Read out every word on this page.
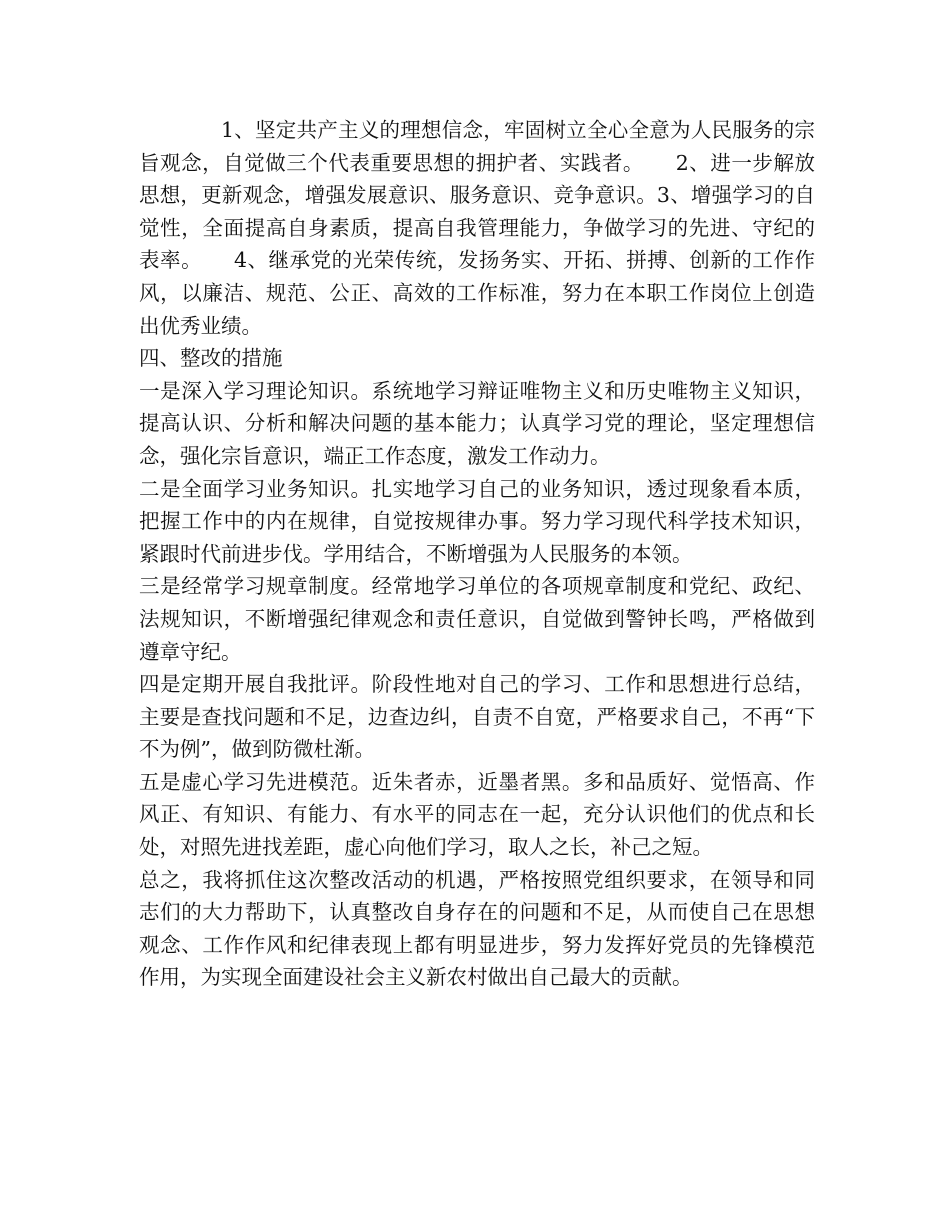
1、坚定共产主义的理想信念，牢固树立全心全意为人民服务的宗旨观念，自觉做三个代表重要思想的拥护者、实践者。　　2、进一步解放思想，更新观念，增强发展意识、服务意识、竞争意识。3、增强学习的自觉性，全面提高自身素质，提高自我管理能力，争做学习的先进、守纪的表率。　　4、继承党的光荣传统，发扬务实、开拓、拼搏、创新的工作作风，以廉洁、规范、公正、高效的工作标准，努力在本职工作岗位上创造出优秀业绩。

四、整改的措施

一是深入学习理论知识。系统地学习辩证唯物主义和历史唯物主义知识，提高认识、分析和解决问题的基本能力；认真学习党的理论，坚定理想信念，强化宗旨意识，端正工作态度，激发工作动力。

二是全面学习业务知识。扎实地学习自己的业务知识，透过现象看本质，把握工作中的内在规律，自觉按规律办事。努力学习现代科学技术知识，紧跟时代前进步伐。学用结合，不断增强为人民服务的本领。

三是经常学习规章制度。经常地学习单位的各项规章制度和党纪、政纪、法规知识，不断增强纪律观念和责任意识，自觉做到警钟长鸣，严格做到遵章守纪。

四是定期开展自我批评。阶段性地对自己的学习、工作和思想进行总结，主要是查找问题和不足，边查边纠，自责不自宽，严格要求自己，不再“下不为例”，做到防微杜渐。

五是虚心学习先进模范。近朱者赤，近墨者黑。多和品质好、觉悟高、作风正、有知识、有能力、有水平的同志在一起，充分认识他们的优点和长处，对照先进找差距，虚心向他们学习，取人之长，补己之短。

总之，我将抓住这次整改活动的机遇，严格按照党组织要求，在领导和同志们的大力帮助下，认真整改自身存在的问题和不足，从而使自己在思想观念、工作作风和纪律表现上都有明显进步，努力发挥好党员的先锋模范作用，为实现全面建设社会主义新农村做出自己最大的贡献。
